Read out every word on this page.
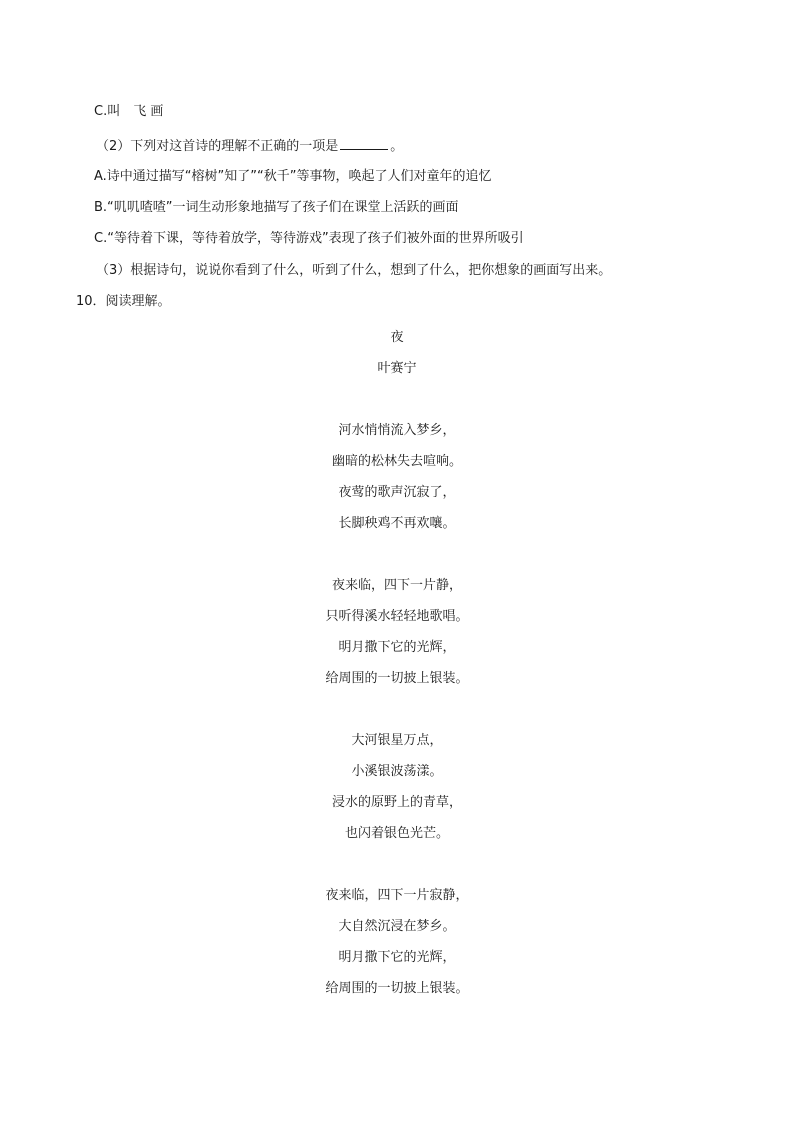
C.叫　飞 画
（2）下列对这首诗的理解不正确的一项是	。
A.诗中通过描写“榕树”知了”“秋千”等事物，唤起了人们对童年的追忆
B.“叽叽喳喳”一词生动形象地描写了孩子们在课堂上活跃的画面
C.“等待着下课，等待着放学，等待游戏”表现了孩子们被外面的世界所吸引
（3）根据诗句，说说你看到了什么，听到了什么，想到了什么，把你想象的画面写出来。
10．阅读理解。
夜
叶赛宁
河水悄悄流入梦乡，
幽暗的松林失去喧响。
夜莺的歌声沉寂了，
长脚秧鸡不再欢嚷。
夜来临，四下一片静，
只听得溪水轻轻地歌唱。
明月撒下它的光辉，
给周围的一切披上银装。
大河银星万点，
小溪银波荡漾。
浸水的原野上的青草，
也闪着银色光芒。
夜来临，四下一片寂静，
大自然沉浸在梦乡。
明月撒下它的光辉，
给周围的一切披上银装。
